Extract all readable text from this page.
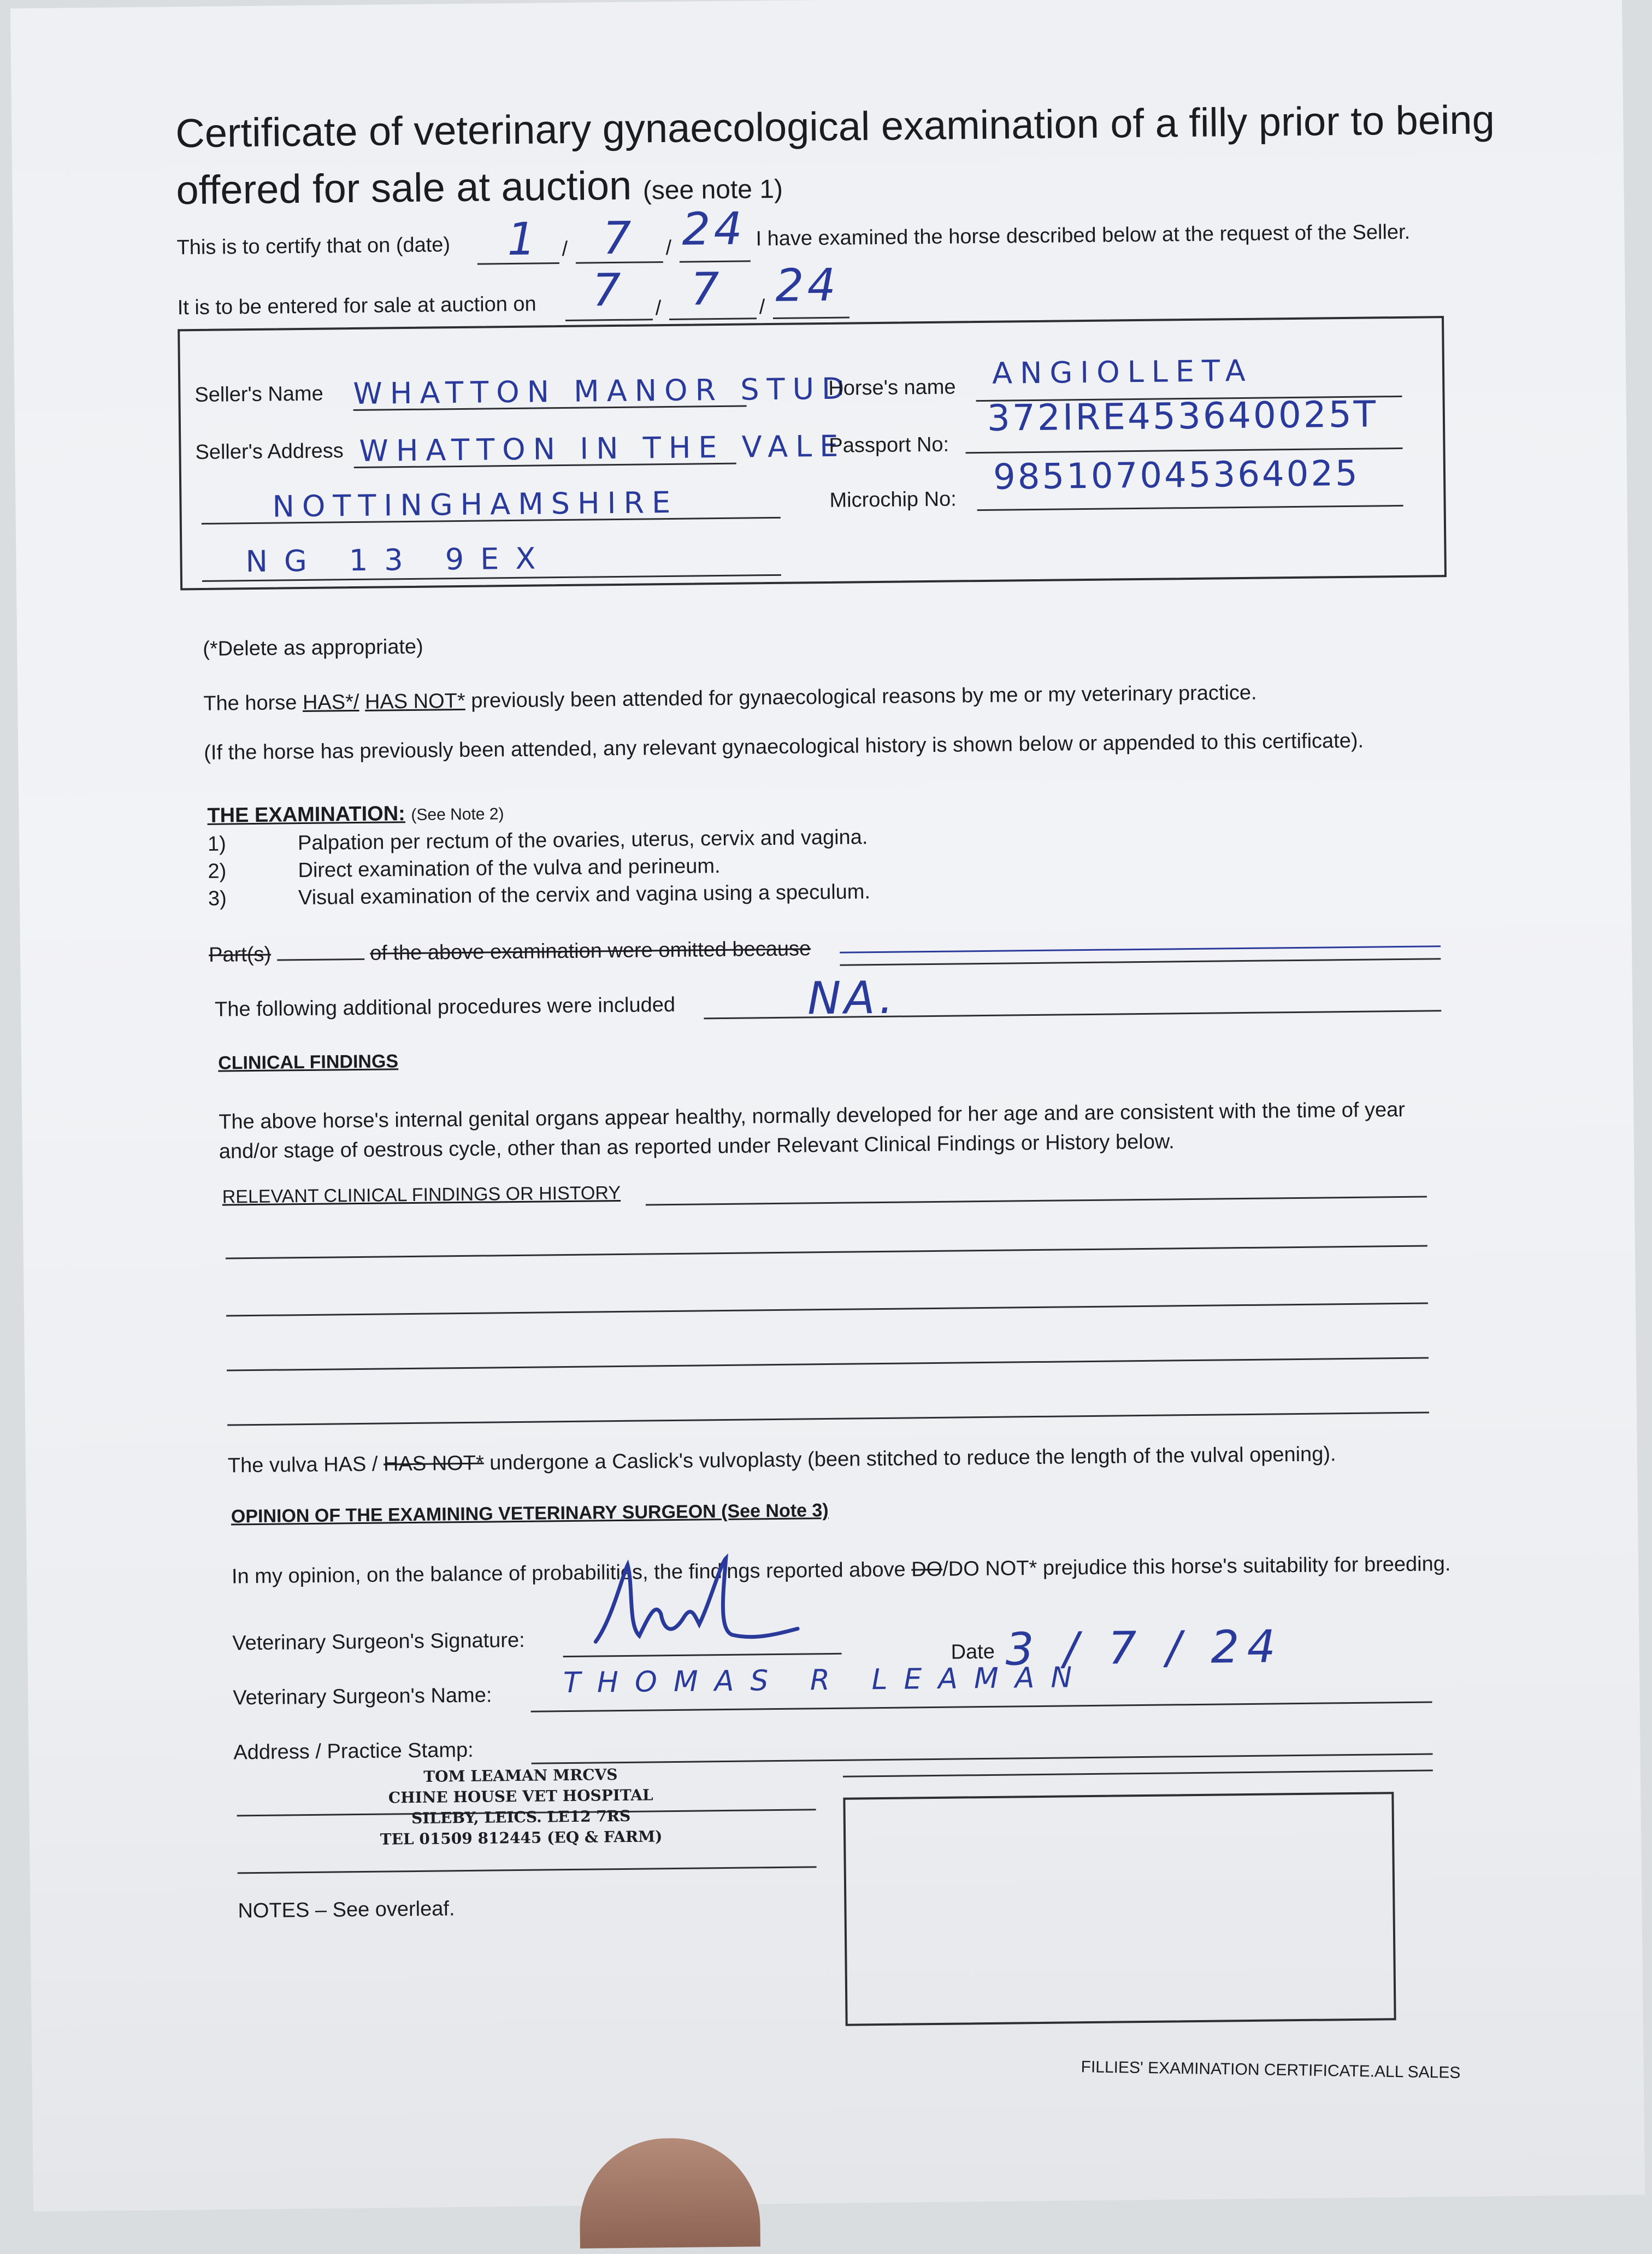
Certificate of veterinary gynaecological examination of a filly prior to being offered for sale at auction (see note 1)
This is to certify that on (date)	/	/
1 7 24 I have examined the horse described below at the request of the Seller.
It is to be entered for sale at auction on	/	/
7 7 24
Seller's Name WHATTON MANOR STUD
Seller's Address WHATTON IN THE VALE
NOTTINGHAMSHIRE
NG 13 9EX
Horse's name ANGIOLLETA
Passport No:
372IRE453640025T
Microchip No:
985107045364025
(*Delete as appropriate)
The horse HAS*/ HAS NOT* previously been attended for gynaecological reasons by me or my veterinary practice.
(If the horse has previously been attended, any relevant gynaecological history is shown below or appended to this certificate).
THE EXAMINATION: (See Note 2)
1)	Palpation per rectum of the ovaries, uterus, cervix and vagina.
2)	Direct examination of the vulva and perineum.
3)	Visual examination of the cervix and vagina using a speculum.
Part(s)	of the above examination were omitted because
The following additional procedures were included	NA.
CLINICAL FINDINGS
The above horse's internal genital organs appear healthy, normally developed for her age and are consistent with the time of year and/or stage of oestrous cycle, other than as reported under Relevant Clinical Findings or History below.
RELEVANT CLINICAL FINDINGS OR HISTORY
The vulva HAS / HAS NOT* undergone a Caslick's vulvoplasty (been stitched to reduce the length of the vulval opening).
OPINION OF THE EXAMINING VETERINARY SURGEON (See Note 3)
In my opinion, on the balance of probabilities, the findings reported above DO/DO NOT* prejudice this horse's suitability for breeding.
Veterinary Surgeon's Signature:	Date 3 / 7 / 24
Veterinary Surgeon's Name:	THOMAS R LEAMAN
Address / Practice Stamp:
TOM LEAMAN MRCVS
CHINE HOUSE VET HOSPITAL
SILEBY, LEICS. LE12 7RS
TEL 01509 812445 (EQ & FARM)
NOTES – See overleaf.
FILLIES' EXAMINATION CERTIFICATE.ALL SALES
